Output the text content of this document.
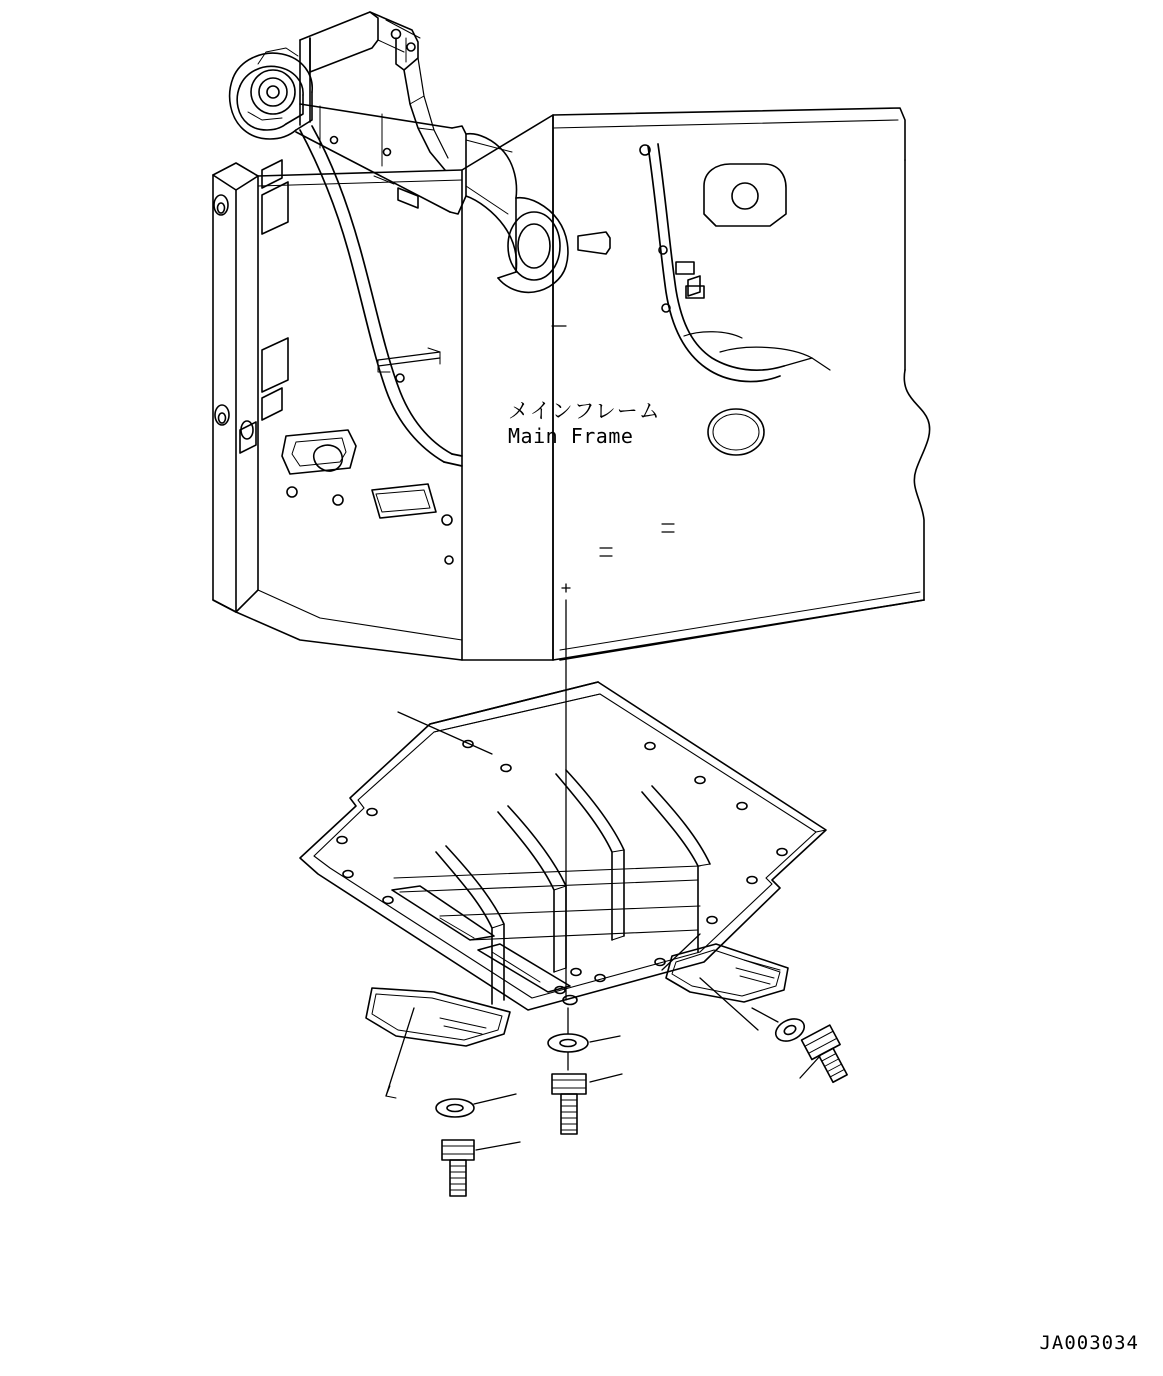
メインフレーム
Main Frame
JA003034
